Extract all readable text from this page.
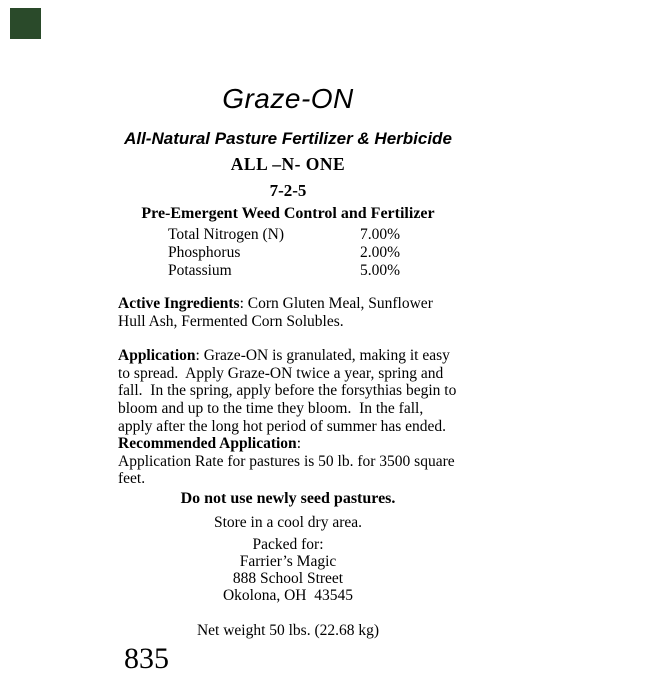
Graze-ON
All-Natural Pasture Fertilizer & Herbicide
ALL –N- ONE
7-2-5
Pre-Emergent Weed Control and Fertilizer
Total Nitrogen (N)	7.00%
Phosphorus	2.00%
Potassium	5.00%
Active Ingredients: Corn Gluten Meal, Sunflower
Hull Ash, Fermented Corn Solubles.
Application: Graze-ON is granulated, making it easy
to spread.  Apply Graze-ON twice a year, spring and
fall.  In the spring, apply before the forsythias begin to
bloom and up to the time they bloom.  In the fall,
apply after the long hot period of summer has ended.
Recommended Application:
Application Rate for pastures is 50 lb. for 3500 square
feet.
Do not use newly seed pastures.
Store in a cool dry area.
Packed for:
Farrier’s Magic
888 School Street
Okolona, OH  43545
Net weight 50 lbs. (22.68 kg)
835
